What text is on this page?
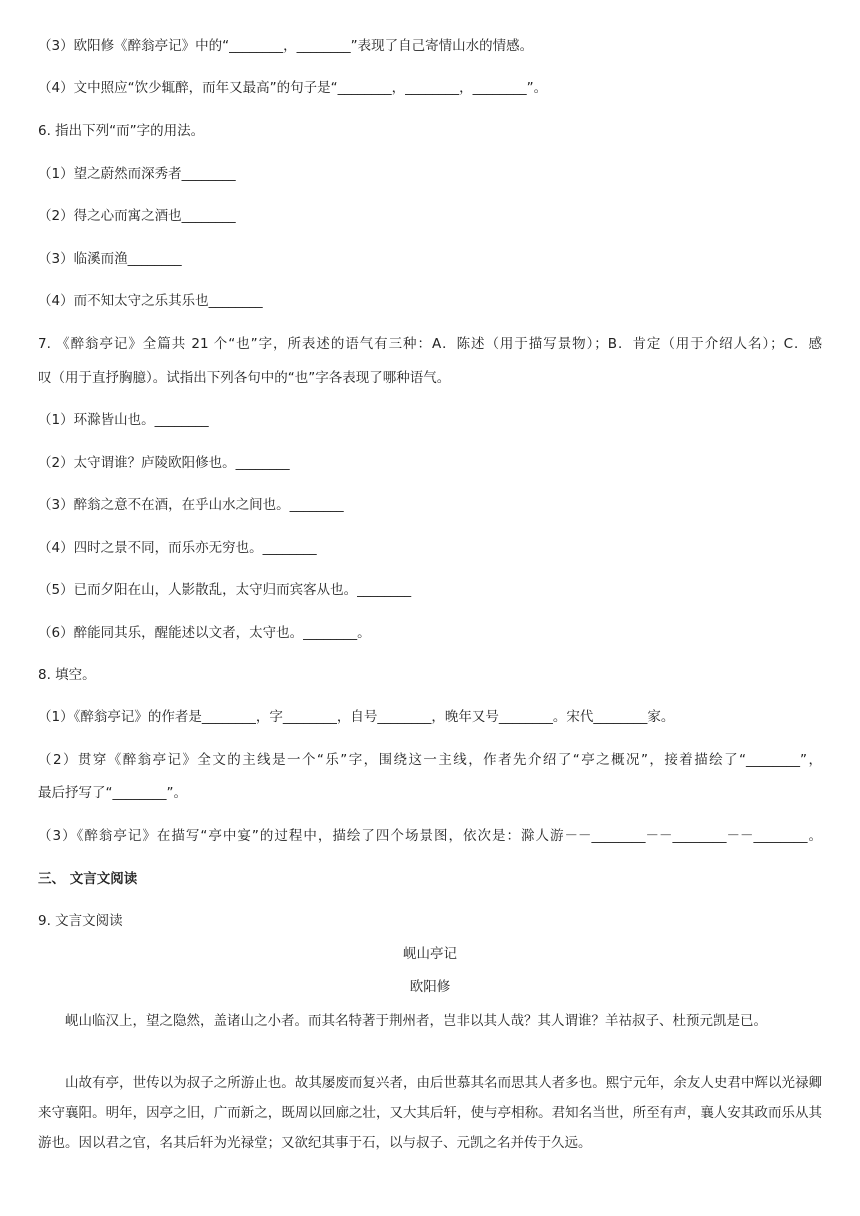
（3）欧阳修《醉翁亭记》中的“________，________”表现了自己寄情山水的情感。
（4）文中照应“饮少辄醉，而年又最高”的句子是“________，________，________”。
6. 指出下列“而”字的用法。
（1）望之蔚然而深秀者________
（2）得之心而寓之酒也________
（3）临溪而渔________
（4）而不知太守之乐其乐也________
7. 《醉翁亭记》全篇共 21 个“也”字，所表述的语气有三种：A．陈述（用于描写景物）；B．肯定（用于介绍人名）；C．感
叹（用于直抒胸臆）。试指出下列各句中的“也”字各表现了哪种语气。
（1）环滁皆山也。________
（2）太守谓谁？庐陵欧阳修也。________
（3）醉翁之意不在酒，在乎山水之间也。________
（4）四时之景不同，而乐亦无穷也。________
（5）已而夕阳在山，人影散乱，太守归而宾客从也。________
（6）醉能同其乐，醒能述以文者，太守也。________。
8. 填空。
（1）《醉翁亭记》的作者是________，字________，自号________，晚年又号________。宋代________家。
（2）贯穿《醉翁亭记》全文的主线是一个“乐”字，围绕这一主线，作者先介绍了“亭之概况”，接着描绘了“________”，
最后抒写了“________”。
（3）《醉翁亭记》在描写“亭中宴”的过程中，描绘了四个场景图，依次是：滁人游－－________－－________－－________。
三、 文言文阅读
9. 文言文阅读
岘山亭记
欧阳修
岘山临汉上，望之隐然，盖诸山之小者。而其名特著于荆州者，岂非以其人哉？其人谓谁？羊祜叔子、杜预元凯是已。
山故有亭，世传以为叔子之所游止也。故其屡废而复兴者，由后世慕其名而思其人者多也。熙宁元年，余友人史君中辉以光禄卿来守襄阳。明年，因亭之旧，广而新之，既周以回廊之壮，又大其后轩，使与亭相称。君知名当世，所至有声，襄人安其政而乐从其游也。因以君之官，名其后轩为光禄堂；又欲纪其事于石，以与叔子、元凯之名并传于久远。
